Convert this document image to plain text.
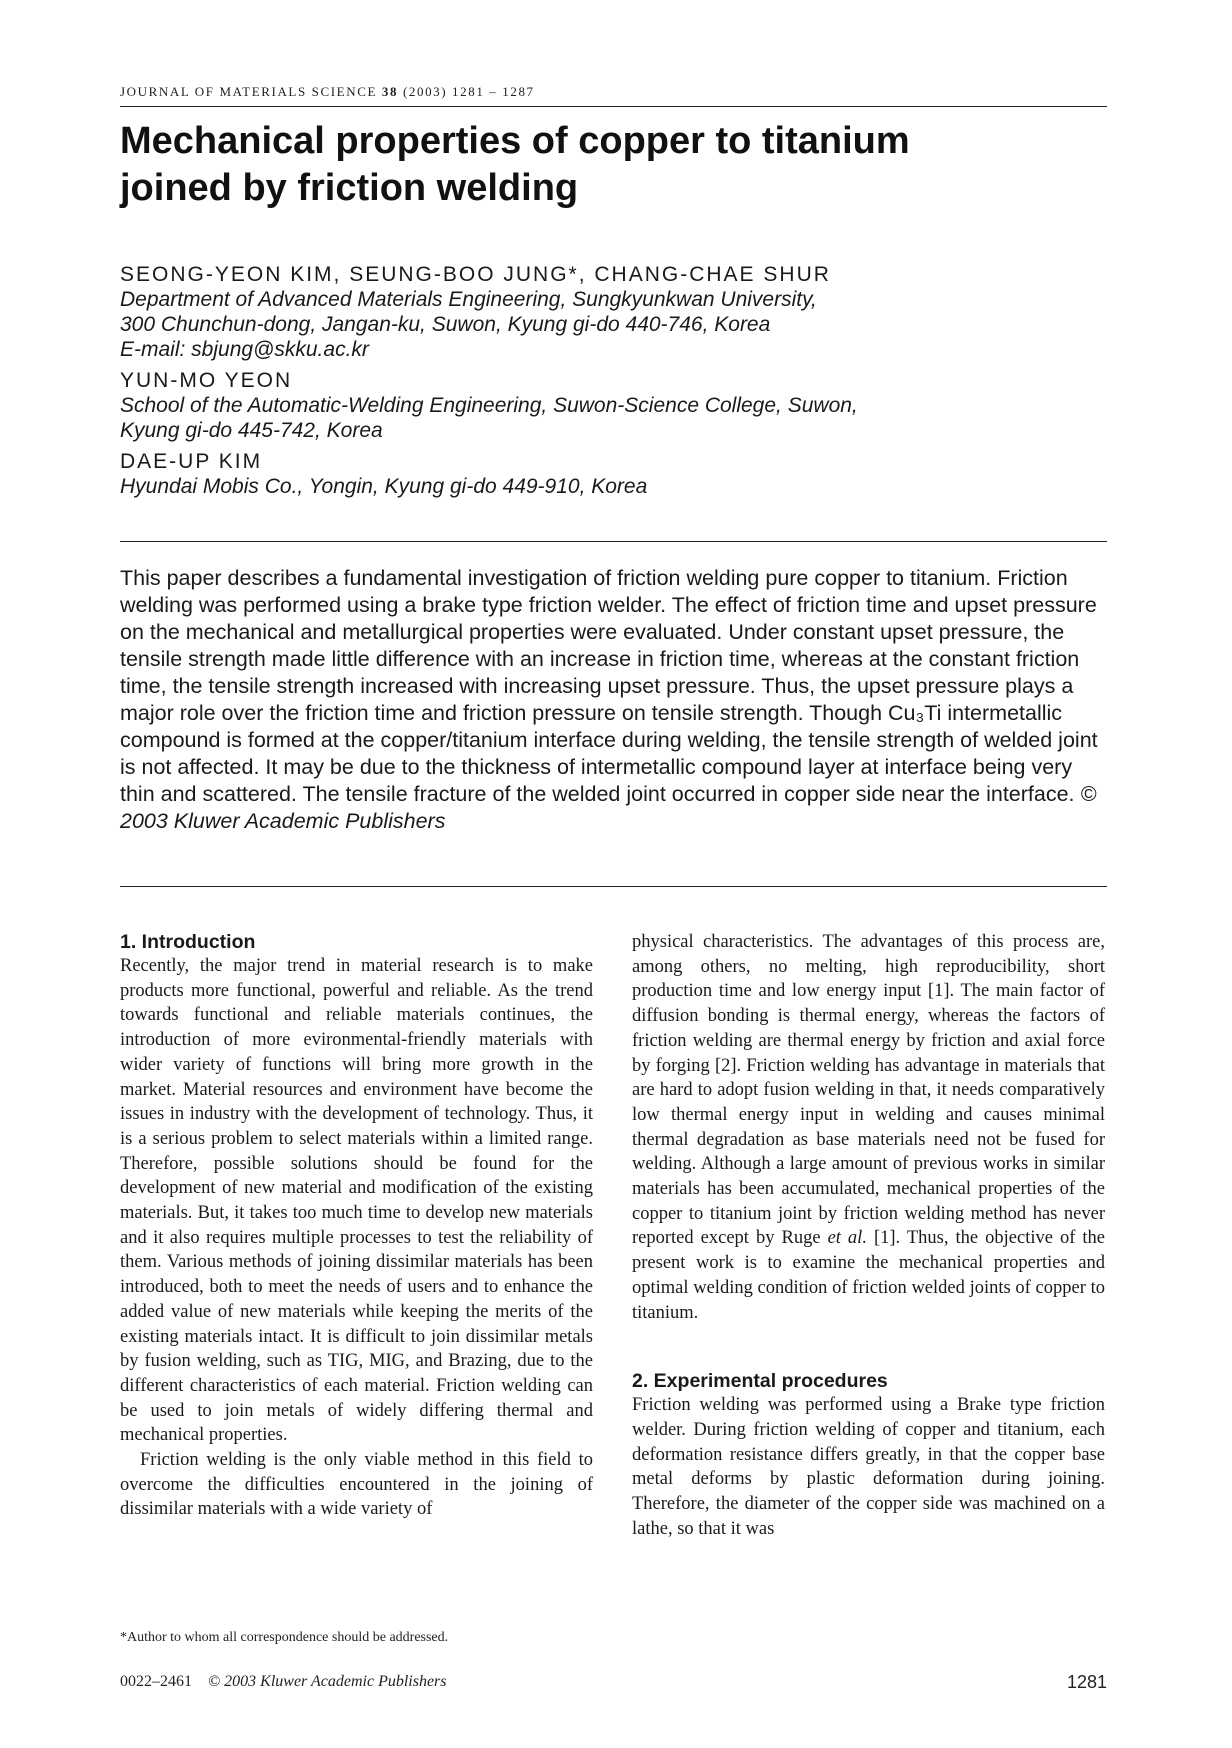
JOURNAL OF MATERIALS SCIENCE 38 (2003) 1281 – 1287
Mechanical properties of copper to titanium
joined by friction welding
SEONG-YEON KIM, SEUNG-BOO JUNG*, CHANG-CHAE SHUR
Department of Advanced Materials Engineering, Sungkyunkwan University,
300 Chunchun-dong, Jangan-ku, Suwon, Kyung gi-do 440-746, Korea
E-mail: sbjung@skku.ac.kr
YUN-MO YEON
School of the Automatic-Welding Engineering, Suwon-Science College, Suwon,
Kyung gi-do 445-742, Korea
DAE-UP KIM
Hyundai Mobis Co., Yongin, Kyung gi-do 449-910, Korea
This paper describes a fundamental investigation of friction welding pure copper to titanium. Friction welding was performed using a brake type friction welder. The effect of friction time and upset pressure on the mechanical and metallurgical properties were evaluated. Under constant upset pressure, the tensile strength made little difference with an increase in friction time, whereas at the constant friction time, the tensile strength increased with increasing upset pressure. Thus, the upset pressure plays a major role over the friction time and friction pressure on tensile strength. Though Cu₃Ti intermetallic compound is formed at the copper/titanium interface during welding, the tensile strength of welded joint is not affected. It may be due to the thickness of intermetallic compound layer at interface being very thin and scattered. The tensile fracture of the welded joint occurred in copper side near the interface. © 2003 Kluwer Academic Publishers
1. Introduction

Recently, the major trend in material research is to make products more functional, powerful and reliable. As the trend towards functional and reliable materials continues, the introduction of more evironmental-friendly materials with wider variety of functions will bring more growth in the market. Material resources and environment have become the issues in industry with the development of technology. Thus, it is a serious problem to select materials within a limited range. Therefore, possible solutions should be found for the development of new material and modification of the existing materials. But, it takes too much time to develop new materials and it also requires multiple processes to test the reliability of them. Various methods of joining dissimilar materials has been introduced, both to meet the needs of users and to enhance the added value of new materials while keeping the merits of the existing materials intact. It is difficult to join dissimilar metals by fusion welding, such as TIG, MIG, and Brazing, due to the different characteristics of each material. Friction welding can be used to join metals of widely differing thermal and mechanical properties.

Friction welding is the only viable method in this field to overcome the difficulties encountered in the joining of dissimilar materials with a wide variety of

physical characteristics. The advantages of this process are, among others, no melting, high reproducibility, short production time and low energy input [1]. The main factor of diffusion bonding is thermal energy, whereas the factors of friction welding are thermal energy by friction and axial force by forging [2]. Friction welding has advantage in materials that are hard to adopt fusion welding in that, it needs comparatively low thermal energy input in welding and causes minimal thermal degradation as base materials need not be fused for welding. Although a large amount of previous works in similar materials has been accumulated, mechanical properties of the copper to titanium joint by friction welding method has never reported except by Ruge et al. [1]. Thus, the objective of the present work is to examine the mechanical properties and optimal welding condition of friction welded joints of copper to titanium.

2. Experimental procedures

Friction welding was performed using a Brake type friction welder. During friction welding of copper and titanium, each deformation resistance differs greatly, in that the copper base metal deforms by plastic deformation during joining. Therefore, the diameter of the copper side was machined on a lathe, so that it was

*Author to whom all correspondence should be addressed.
0022–2461 © 2003 Kluwer Academic Publishers	1281
